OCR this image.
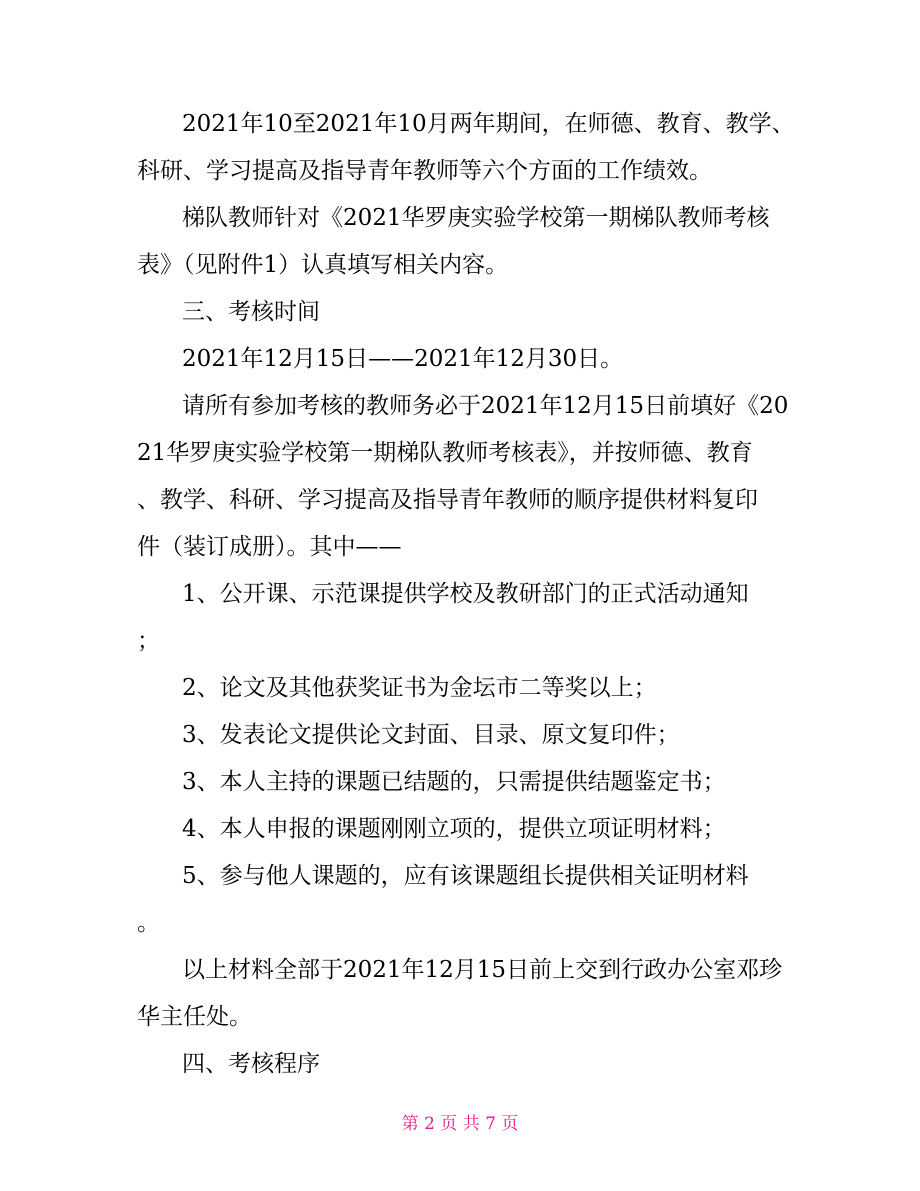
2021年10至2021年10月两年期间，在师德、教育、教学、
科研、学习提高及指导青年教师等六个方面的工作绩效。
梯队教师针对《2021华罗庚实验学校第一期梯队教师考核
表》（见附件1）认真填写相关内容。
三、考核时间
2021年12月15日——2021年12月30日。
请所有参加考核的教师务必于2021年12月15日前填好《20
21华罗庚实验学校第一期梯队教师考核表》，并按师德、教育
、教学、科研、学习提高及指导青年教师的顺序提供材料复印
件（装订成册）。其中——
1、公开课、示范课提供学校及教研部门的正式活动通知
；
2、论文及其他获奖证书为金坛市二等奖以上；
3、发表论文提供论文封面、目录、原文复印件；
3、本人主持的课题已结题的，只需提供结题鉴定书；
4、本人申报的课题刚刚立项的，提供立项证明材料；
5、参与他人课题的，应有该课题组长提供相关证明材料
。
以上材料全部于2021年12月15日前上交到行政办公室邓珍
华主任处。
四、考核程序
第 2 页 共 7 页
